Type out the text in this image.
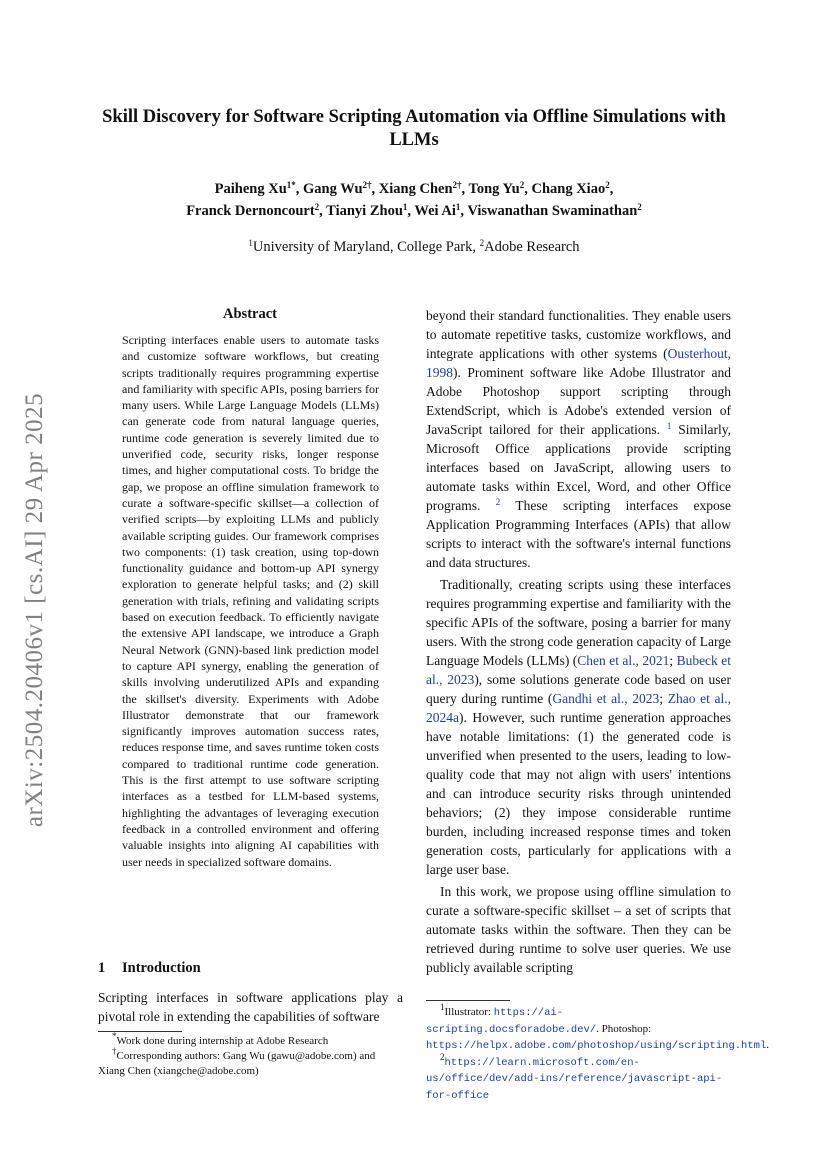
arXiv:2504.20406v1 [cs.AI] 29 Apr 2025
Skill Discovery for Software Scripting Automation via Offline Simulations with LLMs
Paiheng $Xu^{1*}$, Gang $Wu^{2\dagger}$, Xiang Chen$^{2\dagger}$, Tong Yu$^2$, Chang Xiao$^2$,
Franck Dernoncourt$^2$, Tianyi Zhou$^1$, Wei Ai$^1$, Viswanathan Swaminathan$^2$
$^1$University of Maryland, College Park, $^2$Adobe Research
Abstract
Scripting interfaces enable users to automate tasks and customize software workflows, but creating scripts traditionally requires programming expertise and familiarity with specific APIs, posing barriers for many users. While Large Language Models (LLMs) can generate code from natural language queries, runtime code generation is severely limited due to unverified code, security risks, longer response times, and higher computational costs. To bridge the gap, we propose an offline simulation framework to curate a software-specific skillset—a collection of verified scripts—by exploiting LLMs and publicly available scripting guides. Our framework comprises two components: (1) task creation, using top-down functionality guidance and bottom-up API synergy exploration to generate helpful tasks; and (2) skill generation with trials, refining and validating scripts based on execution feedback. To efficiently navigate the extensive API landscape, we introduce a Graph Neural Network (GNN)-based link prediction model to capture API synergy, enabling the generation of skills involving underutilized APIs and expanding the skillset's diversity. Experiments with Adobe Illustrator demonstrate that our framework significantly improves automation success rates, reduces response time, and saves runtime token costs compared to traditional runtime code generation. This is the first attempt to use software scripting interfaces as a testbed for LLM-based systems, highlighting the advantages of leveraging execution feedback in a controlled environment and offering valuable insights into aligning AI capabilities with user needs in specialized software domains.
1 Introduction
Scripting interfaces in software applications play a pivotal role in extending the capabilities of software

*Work done during internship at Adobe Research

†Corresponding authors: Gang Wu (gawu@adobe.com) and Xiang Chen (xiangche@adobe.com)

beyond their standard functionalities. They enable users to automate repetitive tasks, customize workflows, and integrate applications with other systems (Ousterhout, 1998). Prominent software like Adobe Illustrator and Adobe Photoshop support scripting through ExtendScript, which is Adobe's extended version of JavaScript tailored for their applications. $^1$ Similarly, Microsoft Office applications provide scripting interfaces based on JavaScript, allowing users to automate tasks within Excel, Word, and other Office programs. $^2$ These scripting interfaces expose Application Programming Interfaces (APIs) that allow scripts to interact with the software's internal functions and data structures.

Traditionally, creating scripts using these interfaces requires programming expertise and familiarity with the specific APIs of the software, posing a barrier for many users. With the strong code generation capacity of Large Language Models (LLMs) (Chen et al., 2021; Bubeck et al., 2023), some solutions generate code based on user query during runtime (Gandhi et al., 2023; Zhao et al., 2024a). However, such runtime generation approaches have notable limitations: (1) the generated code is unverified when presented to the users, leading to low-quality code that may not align with users' intentions and can introduce security risks through unintended behaviors; (2) they impose considerable runtime burden, including increased response times and token generation costs, particularly for applications with a large user base.

In this work, we propose using offline simulation to curate a software-specific skillset – a set of scripts that automate tasks within the software. Then they can be retrieved during runtime to solve user queries. We use publicly available scripting

$^1$Illustrator: https://ai-scripting.docsforadobe.dev/. Photoshop: https://helpx.adobe.com/photoshop/using/scripting.html.

$^2$https://learn.microsoft.com/en-us/office/dev/add-ins/reference/javascript-api-for-office
